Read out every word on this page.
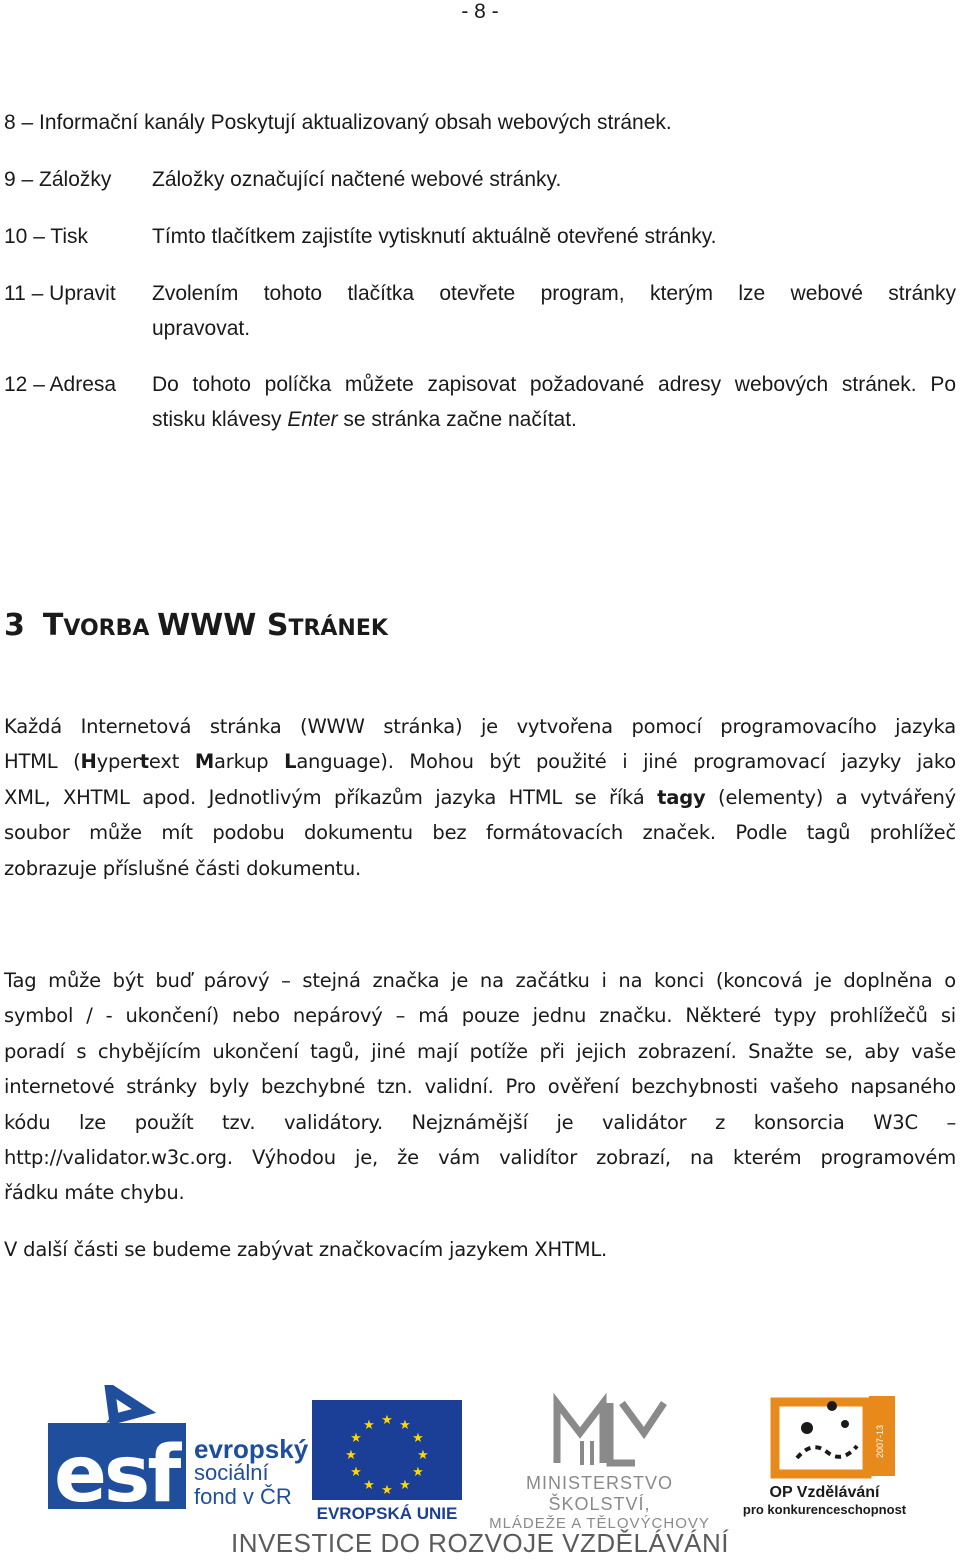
- 8 -
8 – Informační kanály Poskytují aktualizovaný obsah webových stránek.
9 – Záložky Záložky označující načtené webové stránky.
10 – Tisk	Tímto tlačítkem zajistíte vytisknutí aktuálně otevřené stránky.
11 – Upravit Zvolením tohoto tlačítka otevřete program, kterým lze webové stránky
upravovat.
12 – Adresa Do tohoto políčka můžete zapisovat požadované adresy webových stránek. Po
stisku klávesy Enter se stránka začne načítat.
3 TVORBA WWW STRÁNEK
Každá Internetová stránka (WWW stránka) je vytvořena pomocí programovacího jazyka
HTML (Hypertext Markup Language). Mohou být použité i jiné programovací jazyky jako
XML, XHTML apod. Jednotlivým příkazům jazyka HTML se říká tagy (elementy) a vytvářený
soubor může mít podobu dokumentu bez formátovacích značek. Podle tagů prohlížeč
zobrazuje příslušné části dokumentu.
Tag může být buď párový – stejná značka je na začátku i na konci (koncová je doplněna o
symbol / - ukončení) nebo nepárový – má pouze jednu značku. Některé typy prohlížečů si
poradí s chybějícím ukončení tagů, jiné mají potíže při jejich zobrazení. Snažte se, aby vaše
internetové stránky byly bezchybné tzn. validní. Pro ověření bezchybnosti vašeho napsaného
kódu lze použít tzv. validátory. Nejznámější je validátor z konsorcia W3C –
http://validator.w3c.org. Výhodou je, že vám validítor zobrazí, na kterém programovém
řádku máte chybu.
V další části se budeme zabývat značkovacím jazykem XHTML.
esf evropský
sociální
fond v ČR
★ ★
★
★
★
★
★
★
★
★
★
★
EVROPSKÁ UNIE
MINISTERSTVO ŠKOLSTVÍ,
MLÁDEŽE A TĚLOVÝCHOVY
2007-13
OP Vzdělávání
pro konkurenceschopnost
INVESTICE DO ROZVOJE VZDĚLÁVÁNÍ
